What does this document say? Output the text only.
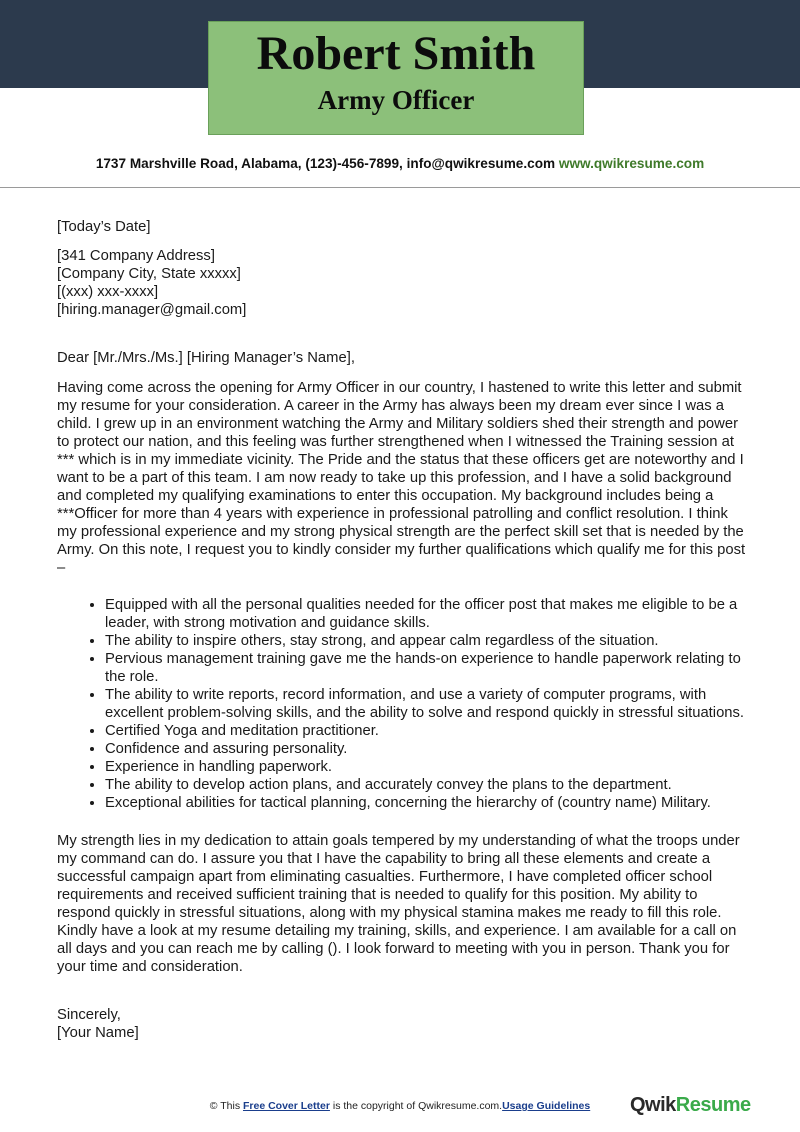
Robert Smith
Army Officer
1737 Marshville Road, Alabama, (123)-456-7899, info@qwikresume.com www.qwikresume.com

[Today’s Date]

[341 Company Address]

[Company City, State xxxxx]

[(xxx) xxx-xxxx]

[hiring.manager@gmail.com]

Dear [Mr./Mrs./Ms.] [Hiring Manager’s Name],

Having come across the opening for Army Officer in our country, I hastened to write this letter and submit my resume for your consideration. A career in the Army has always been my dream ever since I was a child. I grew up in an environment watching the Army and Military soldiers shed their strength and power to protect our nation, and this feeling was further strengthened when I witnessed the Training session at *** which is in my immediate vicinity. The Pride and the status that these officers get are noteworthy and I want to be a part of this team. I am now ready to take up this profession, and I have a solid background and completed my qualifying examinations to enter this occupation. My background includes being a ***Officer for more than 4 years with experience in professional patrolling and conflict resolution. I think my professional experience and my strong physical strength are the perfect skill set that is needed by the Army. On this note, I request you to kindly consider my further qualifications which qualify me for this post –

• Equipped with all the personal qualities needed for the officer post that makes me eligible to be a leader, with strong motivation and guidance skills.
• The ability to inspire others, stay strong, and appear calm regardless of the situation.
• Pervious management training gave me the hands-on experience to handle paperwork relating to the role.
• The ability to write reports, record information, and use a variety of computer programs, with excellent problem-solving skills, and the ability to solve and respond quickly in stressful situations.
• Certified Yoga and meditation practitioner.
• Confidence and assuring personality.
• Experience in handling paperwork.
• The ability to develop action plans, and accurately convey the plans to the department.
• Exceptional abilities for tactical planning, concerning the hierarchy of (country name) Military.

My strength lies in my dedication to attain goals tempered by my understanding of what the troops under my command can do. I assure you that I have the capability to bring all these elements and create a successful campaign apart from eliminating casualties. Furthermore, I have completed officer school requirements and received sufficient training that is needed to qualify for this position. My ability to respond quickly in stressful situations, along with my physical stamina makes me ready to fill this role. Kindly have a look at my resume detailing my training, skills, and experience. I am available for a call on all days and you can reach me by calling (). I look forward to meeting with you in person. Thank you for your time and consideration.

Sincerely,

[Your Name]

© This Free Cover Letter is the copyright of Qwikresume.com.Usage Guidelines	QwikResume
